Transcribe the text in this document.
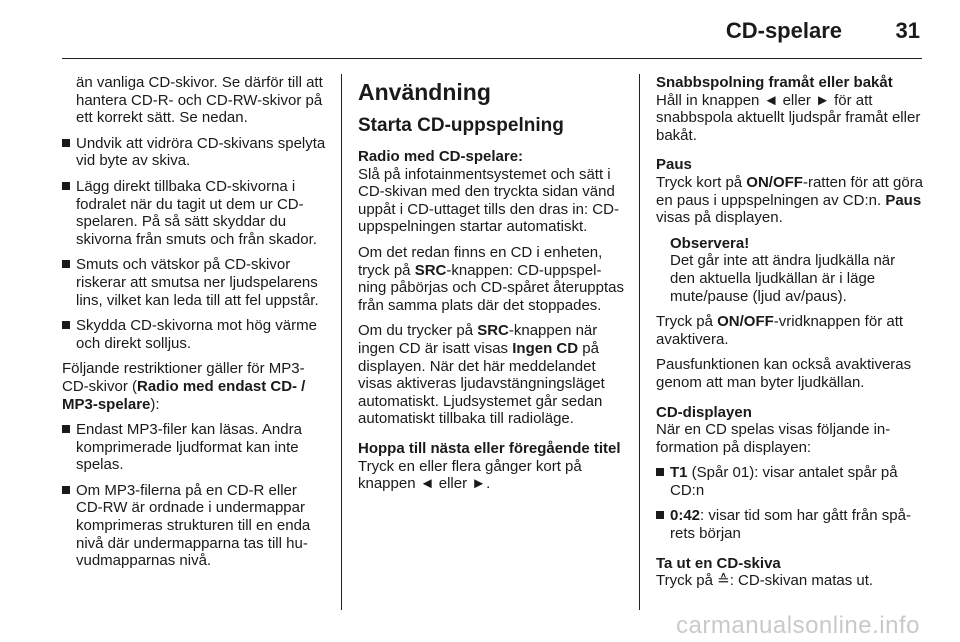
CD-spelare 31

än vanliga CD-skivor. Se därför till att hantera CD-R- och CD-RW-skivor på ett korrekt sätt. Se nedan.

Undvik att vidröra CD-skivans spelyta vid byte av skiva.
Lägg direkt tillbaka CD-skivorna i fodralet när du tagit ut dem ur CD-spelaren. På så sätt skyddar du skivorna från smuts och från skador.
Smuts och vätskor på CD-skivor riskerar att smutsa ner ljudspelarens lins, vilket kan leda till att fel uppstår.
Skydda CD-skivorna mot hög värme och direkt solljus.

Följande restriktioner gäller för MP3-CD-skivor (Radio med endast CD- / MP3-spelare):

Endast MP3-filer kan läsas. Andra komprimerade ljudformat kan inte spelas.
Om MP3-filerna på en CD-R eller CD-RW är ordnade i undermappar komprimeras strukturen till en enda nivå där undermapparna tas till huvudmapparnas nivå.
Användning
Starta CD-uppspelning
Radio med CD-spelare:

Slå på infotainmentsystemet och sätt i CD-skivan med den tryckta sidan vänd uppåt i CD-uttaget tills den dras in: CD-uppspelningen startar automatiskt.

Om det redan finns en CD i enheten, tryck på SRC-knappen: CD-uppspelning påbörjas och CD-spåret återupptas från samma plats där det stoppades.

Om du trycker på SRC-knappen när ingen CD är isatt visas Ingen CD på displayen. När det här meddelandet visas aktiveras ljudavstängningsläget automatiskt. Ljudsystemet går sedan automatiskt tillbaka till radioläge.

Hoppa till nästa eller föregående titel

Tryck en eller flera gånger kort på knappen ◄ eller ►.

Snabbspolning framåt eller bakåt

Håll in knappen ◄ eller ► för att snabbspola aktuellt ljudspår framåt eller bakåt.

Paus

Tryck kort på ON/OFF-ratten för att göra en paus i uppspelningen av CD:n. Paus visas på displayen.

Observera!
Det går inte att ändra ljudkälla när den aktuella ljudkällan är i läge mute/pause (ljud av/paus).

Tryck på ON/OFF-vridknappen för att avaktivera.

Pausfunktionen kan också avaktiveras genom att man byter ljudkällan.

CD-displayen

När en CD spelas visas följande information på displayen:

T1 (Spår 01): visar antalet spår på CD:n
0:42: visar tid som har gått från spårets början
Ta ut en CD-skiva

Tryck på ≙: CD-skivan matas ut.

carmanualsonline.info
